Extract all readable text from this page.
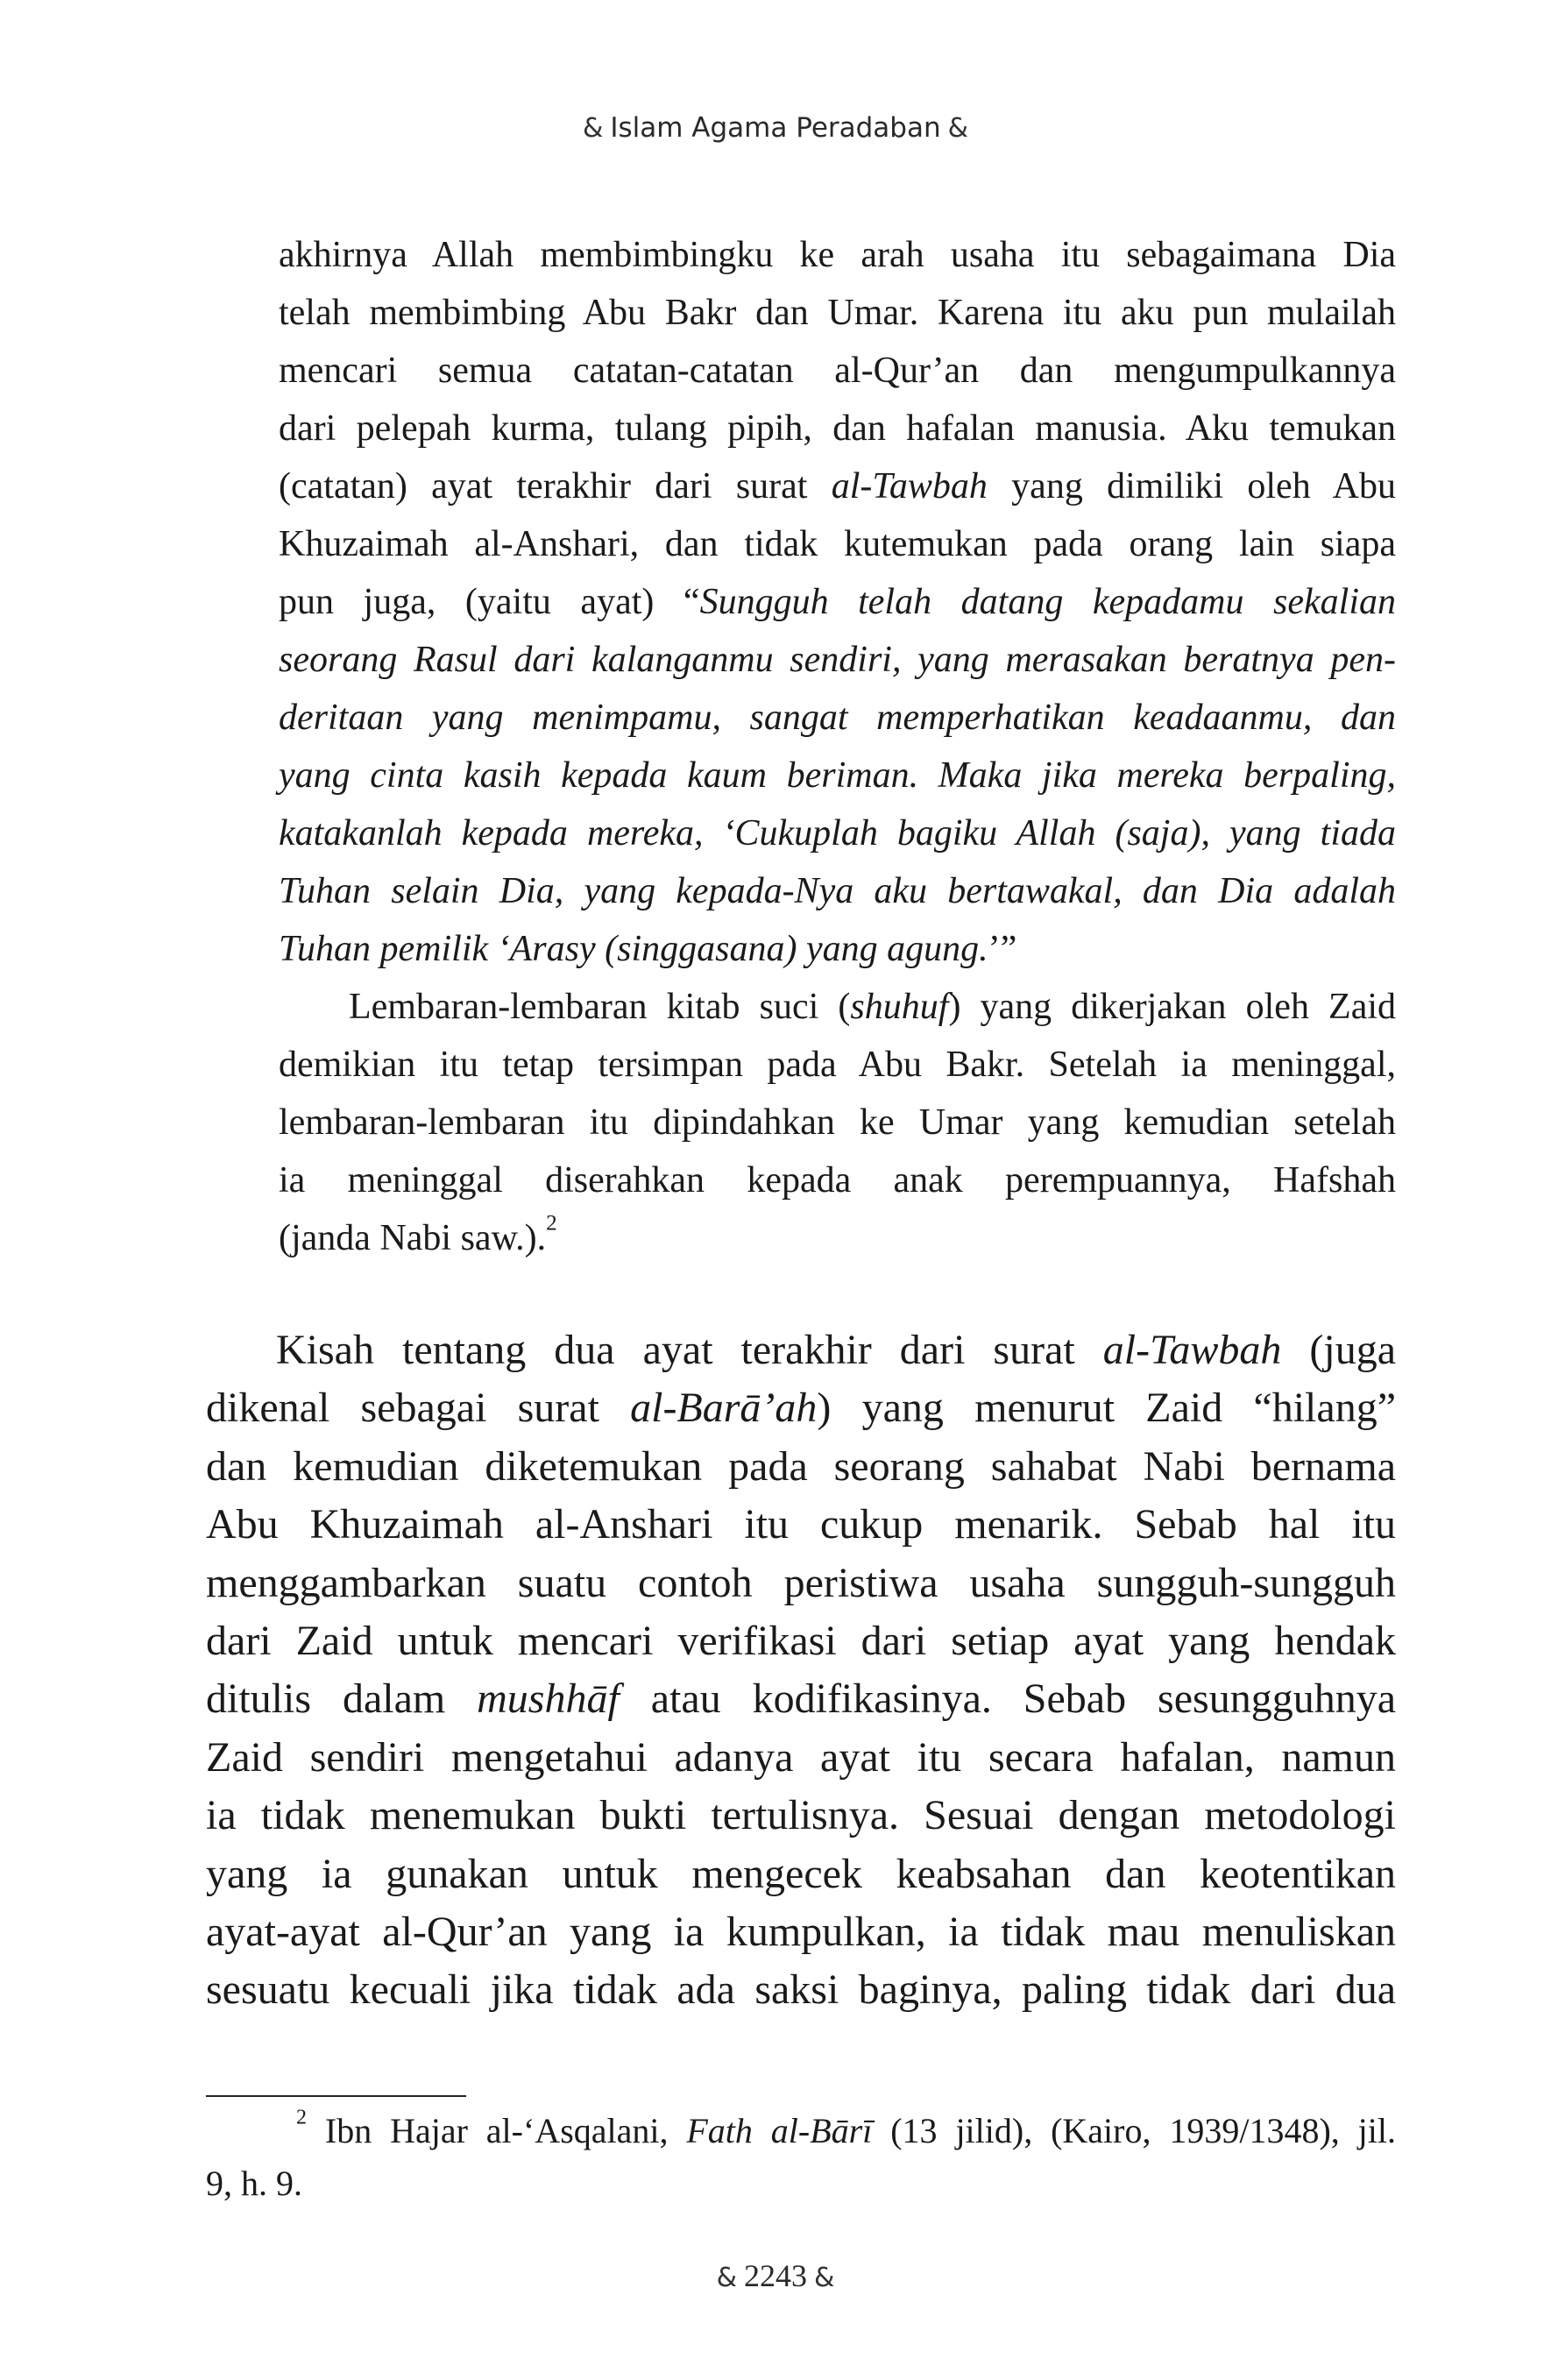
& Islam Agama Peradaban &
akhirnya Allah membimbingku ke arah usaha itu sebagaimana Dia
telah membimbing Abu Bakr dan Umar. Karena itu aku pun mulailah
mencari semua catatan-catatan al-Qur’an dan mengumpulkannya
dari pelepah kurma, tulang pipih, dan hafalan manusia. Aku temukan
(catatan) ayat terakhir dari surat al-Tawbah yang dimiliki oleh Abu
Khuzaimah al-Anshari, dan tidak kutemukan pada orang lain siapa
pun juga, (yaitu ayat) “Sungguh telah datang kepadamu sekalian
seorang Rasul dari kalanganmu sendiri, yang merasakan beratnya pen-
deritaan yang menimpamu, sangat memperhatikan keadaanmu, dan
yang cinta kasih kepada kaum beriman. Maka jika mereka berpaling,
katakanlah kepada mereka, ‘Cukuplah bagiku Allah (saja), yang tiada
Tuhan selain Dia, yang kepada-Nya aku bertawakal, dan Dia adalah
Tuhan pemilik ‘Arasy (singgasana) yang agung.’”
Lembaran-lembaran kitab suci (shuhuf) yang dikerjakan oleh Zaid
demikian itu tetap tersimpan pada Abu Bakr. Setelah ia meninggal,
lembaran-lembaran itu dipindahkan ke Umar yang kemudian setelah
ia meninggal diserahkan kepada anak perempuannya, Hafshah
(janda Nabi saw.).$^2$
Kisah tentang dua ayat terakhir dari surat al-Tawbah (juga
dikenal sebagai surat al-Barā’ah) yang menurut Zaid “hilang”
dan kemudian diketemukan pada seorang sahabat Nabi bernama
Abu Khuzaimah al-Anshari itu cukup menarik. Sebab hal itu
menggambarkan suatu contoh peristiwa usaha sungguh-sungguh
dari Zaid untuk mencari verifikasi dari setiap ayat yang hendak
ditulis dalam mushhāf atau kodifikasinya. Sebab sesungguhnya
Zaid sendiri mengetahui adanya ayat itu secara hafalan, namun
ia tidak menemukan bukti tertulisnya. Sesuai dengan metodologi
yang ia gunakan untuk mengecek keabsahan dan keotentikan
ayat-ayat al-Qur’an yang ia kumpulkan, ia tidak mau menuliskan
sesuatu kecuali jika tidak ada saksi baginya, paling tidak dari dua
$^2$ Ibn Hajar al-‘Asqalani, Fath al-Bārī (13 jilid), (Kairo, 1939/1348), jil.
9, h. 9.
& 2243 &
